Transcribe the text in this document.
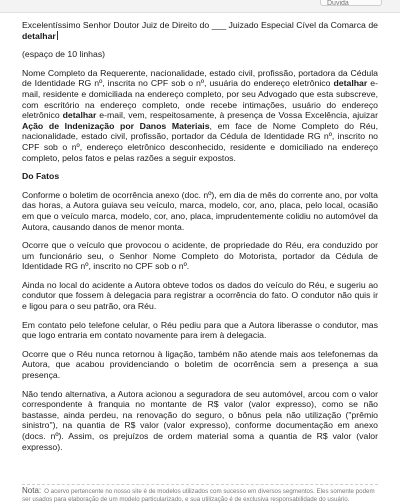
Duvida

Excelentíssimo Senhor Doutor Juiz de Direito do ___ Juizado Especial Cível da Comarca de detalhar

(espaço de 10 linhas)

Nome Completo da Requerente, nacionalidade, estado civil, profissão, portadora da Cédula de Identidade RG nº, inscrita no CPF sob o nº, usuária do endereço eletrônico detalhar e-mail, residente e domiciliada na endereço completo, por seu Advogado que esta subscreve, com escritório na endereço completo, onde recebe intimações, usuário do endereço eletrônico detalhar e-mail, vem, respeitosamente, à presença de Vossa Excelência, ajuizar Ação de Indenização por Danos Materiais, em face de Nome Completo do Réu, nacionalidade, estado civil, profissão, portador da Cédula de Identidade RG nº, inscrito no CPF sob o nº, endereço eletrônico desconhecido, residente e domiciliado na endereço completo, pelos fatos e pelas razões a seguir expostos.

Do Fatos

Conforme o boletim de ocorrência anexo (doc. nº), em dia de mês do corrente ano, por volta das horas, a Autora guiava seu veículo, marca, modelo, cor, ano, placa, pelo local, ocasião em que o veículo marca, modelo, cor, ano, placa, imprudentemente colidiu no automóvel da Autora, causando danos de menor monta.

Ocorre que o veículo que provocou o acidente, de propriedade do Réu, era conduzido por um funcionário seu, o Senhor Nome Completo do Motorista, portador da Cédula de Identidade RG nº, inscrito no CPF sob o nº.

Ainda no local do acidente a Autora obteve todos os dados do veículo do Réu, e sugeriu ao condutor que fossem à delegacia para registrar a ocorrência do fato. O condutor não quis ir e ligou para o seu patrão, ora Réu.

Em contato pelo telefone celular, o Réu pediu para que a Autora liberasse o condutor, mas que logo entraria em contato novamente para irem à delegacia.

Ocorre que o Réu nunca retornou à ligação, também não atende mais aos telefonemas da Autora, que acabou providenciando o boletim de ocorrência sem a presença a sua presença.

Não tendo alternativa, a Autora acionou a seguradora de seu automóvel, arcou com o valor correspondente à franquia no montante de R$ valor (valor expresso), como se não bastasse, ainda perdeu, na renovação do seguro, o bônus pela não utilização ("prêmio sinistro"), na quantia de R$ valor (valor expresso), conforme documentação em anexo (docs. nº). Assim, os prejuízos de ordem material soma a quantia de R$ valor (valor expresso).

Nota: O acervo pertencente no nosso site é de modelos utilizados com sucesso em diversos segmentos. Eles somente podem ser usados para elaboração de um modelo particularizado, e sua utilização é de exclusiva responsabilidade do usuário.
